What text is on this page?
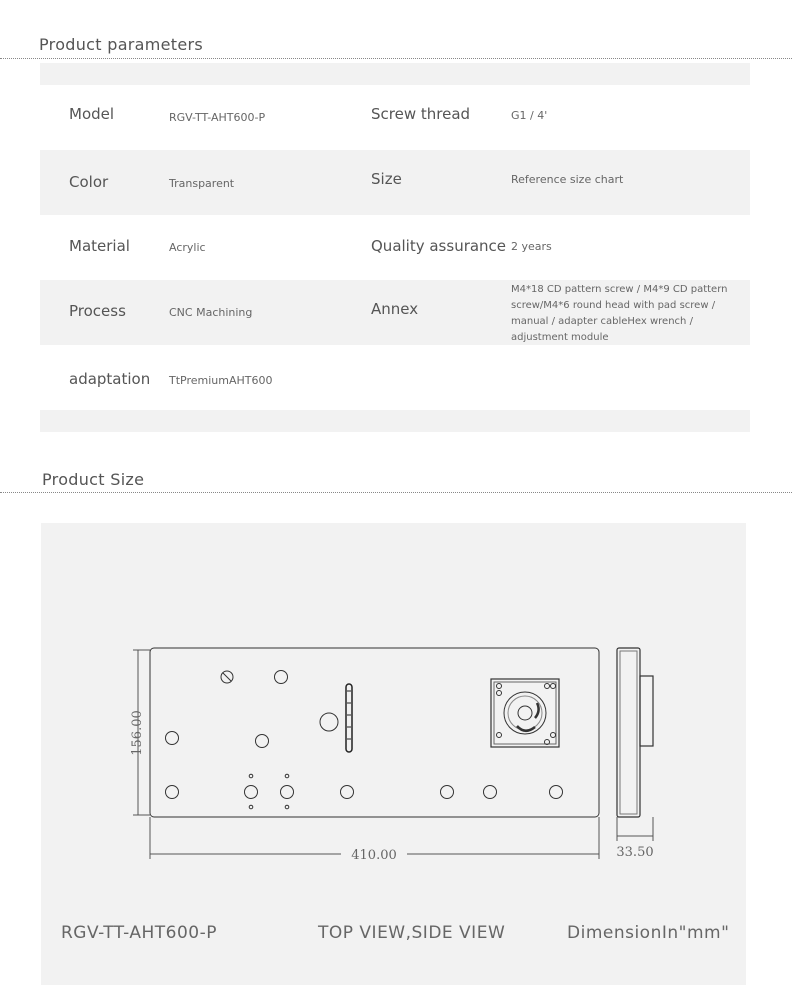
Product parameters
Model	RGV-TT-AHT600-P	Screw thread	G1 / 4'
Color	Transparent	Size	Reference size chart
Material	Acrylic	Quality assurance 2 years
Process	CNC Machining	Annex
M4*18 CD pattern screw / M4*9 CD pattern screw/M4*6 round head with pad screw / manual / adapter cableHex wrench / adjustment module
adaptation TtPremiumAHT600
Product Size
156.00
410.00	33.50
RGV-TT-AHT600-P	TOP VIEW,SIDE VIEW	DimensionIn"mm"
